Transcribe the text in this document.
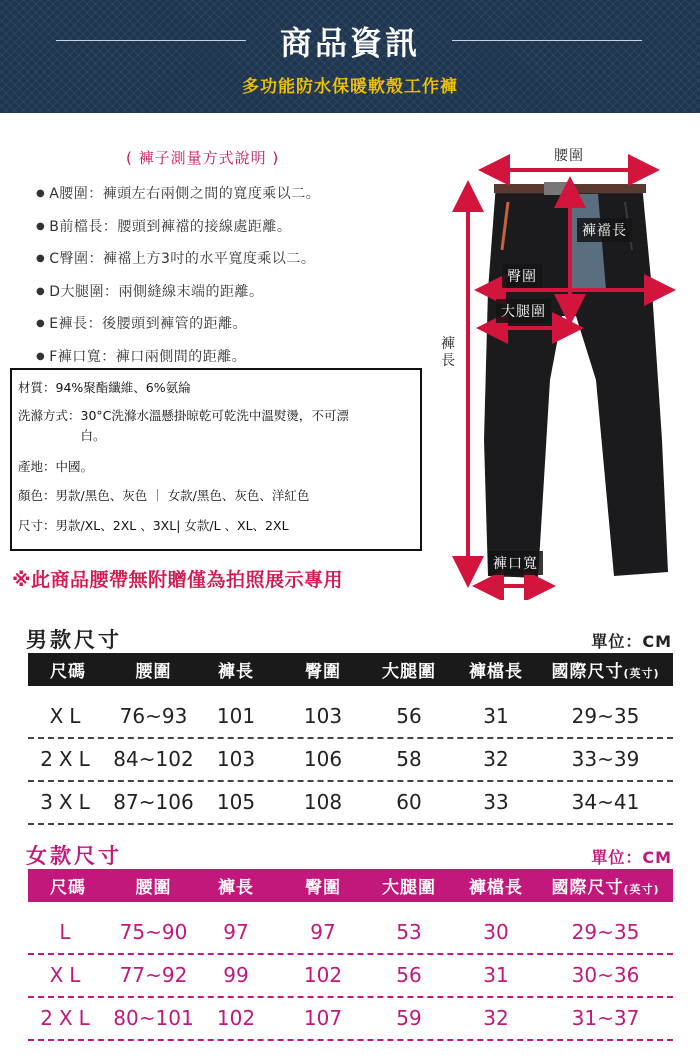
商品資訊
多功能防水保暖軟殼工作褲
( 褲子測量方式說明 )
● A腰圍：褲頭左右兩側之間的寬度乘以二。
● B前檔長：腰頭到褲襠的接線處距離。
● C臀圍：褲襠上方3吋的水平寬度乘以二。
● D大腿圍：兩側縫線末端的距離。
● E褲長：後腰頭到褲管的距離。
● F褲口寬：褲口兩側間的距離。
材質： 94%聚酯纖維、6%氨綸
洗滌方式： 30°C洗滌水溫懸掛晾乾可乾洗中溫熨燙，不可漂白。
產地： 中國。
顏色： 男款/黑色、灰色 ｜ 女款/黑色、灰色、洋紅色
尺寸： 男款/XL、2XL 、3XL| 女款/L 、XL、2XL
※此商品腰帶無附贈僅為拍照展示專用
腰圍
褲襠長
臀圍
大腿圍
褲
長
褲口寬
男款尺寸	單位：CM
尺碼	腰圍	褲長	臀圍	大腿圍	褲檔長	國際尺寸(英寸)
XL	76~93	101	103	56	31	29~35
2XL 84~102	103	106	58	32	33~39
3XL 87~106	105	108	60	33	34~41
女款尺寸	單位：CM
尺碼	腰圍	褲長	臀圍	大腿圍	褲檔長	國際尺寸(英寸)
L	75~90	97	97	53	30	29~35
XL	77~92	99	102	56	31	30~36
2XL 80~101	102	107	59	32	31~37
